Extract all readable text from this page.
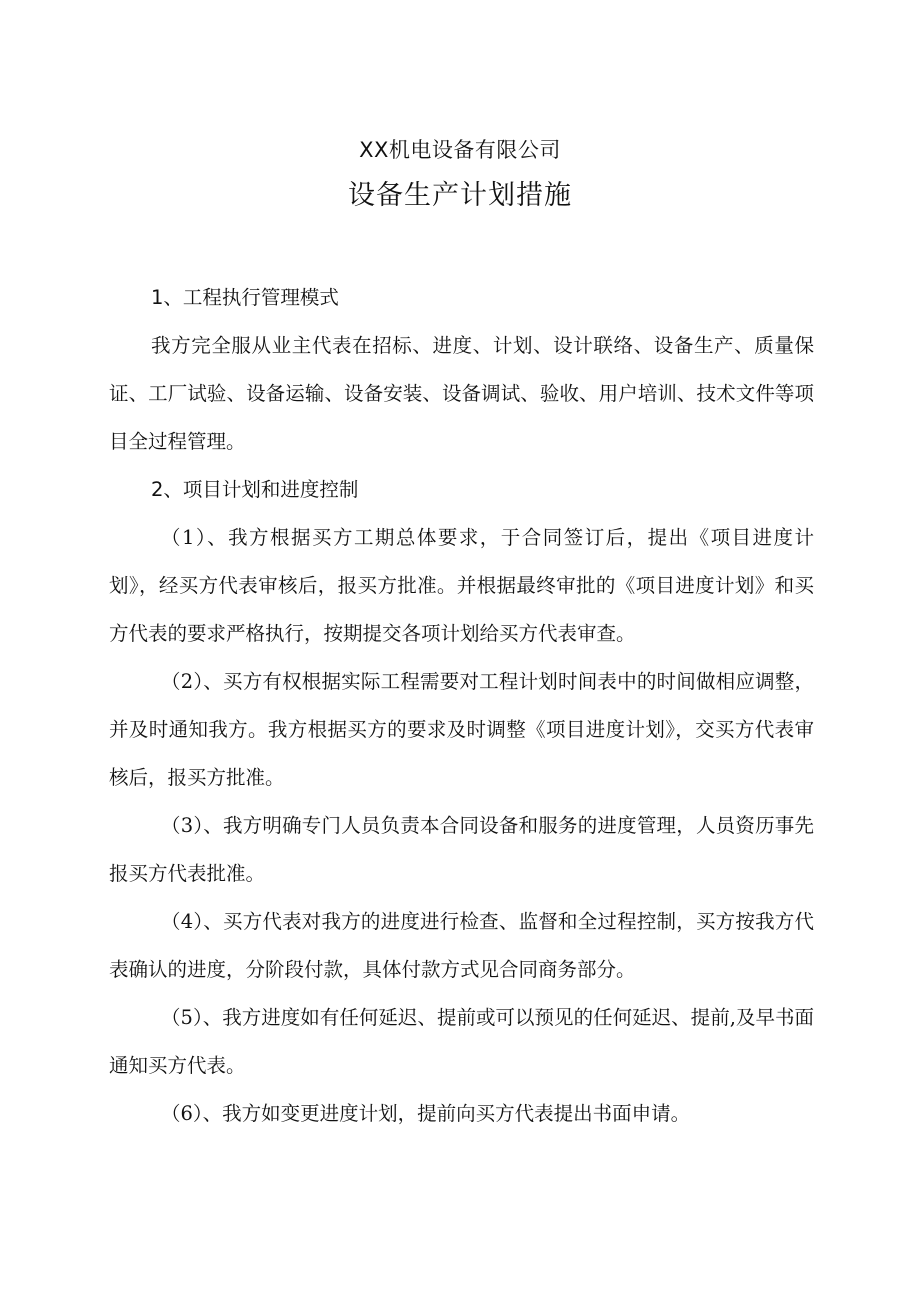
XX机电设备有限公司
设备生产计划措施
1、工程执行管理模式

我方完全服从业主代表在招标、进度、计划、设计联络、设备生产、质量保证、工厂试验、设备运输、设备安装、设备调试、验收、用户培训、技术文件等项目全过程管理。

2、项目计划和进度控制

（1）、我方根据买方工期总体要求，于合同签订后，提出《项目进度计划》，经买方代表审核后，报买方批准。并根据最终审批的《项目进度计划》和买方代表的要求严格执行，按期提交各项计划给买方代表审查。

（2）、买方有权根据实际工程需要对工程计划时间表中的时间做相应调整，并及时通知我方。我方根据买方的要求及时调整《项目进度计划》，交买方代表审核后，报买方批准。

（3）、我方明确专门人员负责本合同设备和服务的进度管理，人员资历事先报买方代表批准。

（4）、买方代表对我方的进度进行检查、监督和全过程控制，买方按我方代表确认的进度，分阶段付款，具体付款方式见合同商务部分。

（5）、我方进度如有任何延迟、提前或可以预见的任何延迟、提前,及早书面通知买方代表。

（6）、我方如变更进度计划，提前向买方代表提出书面申请。
